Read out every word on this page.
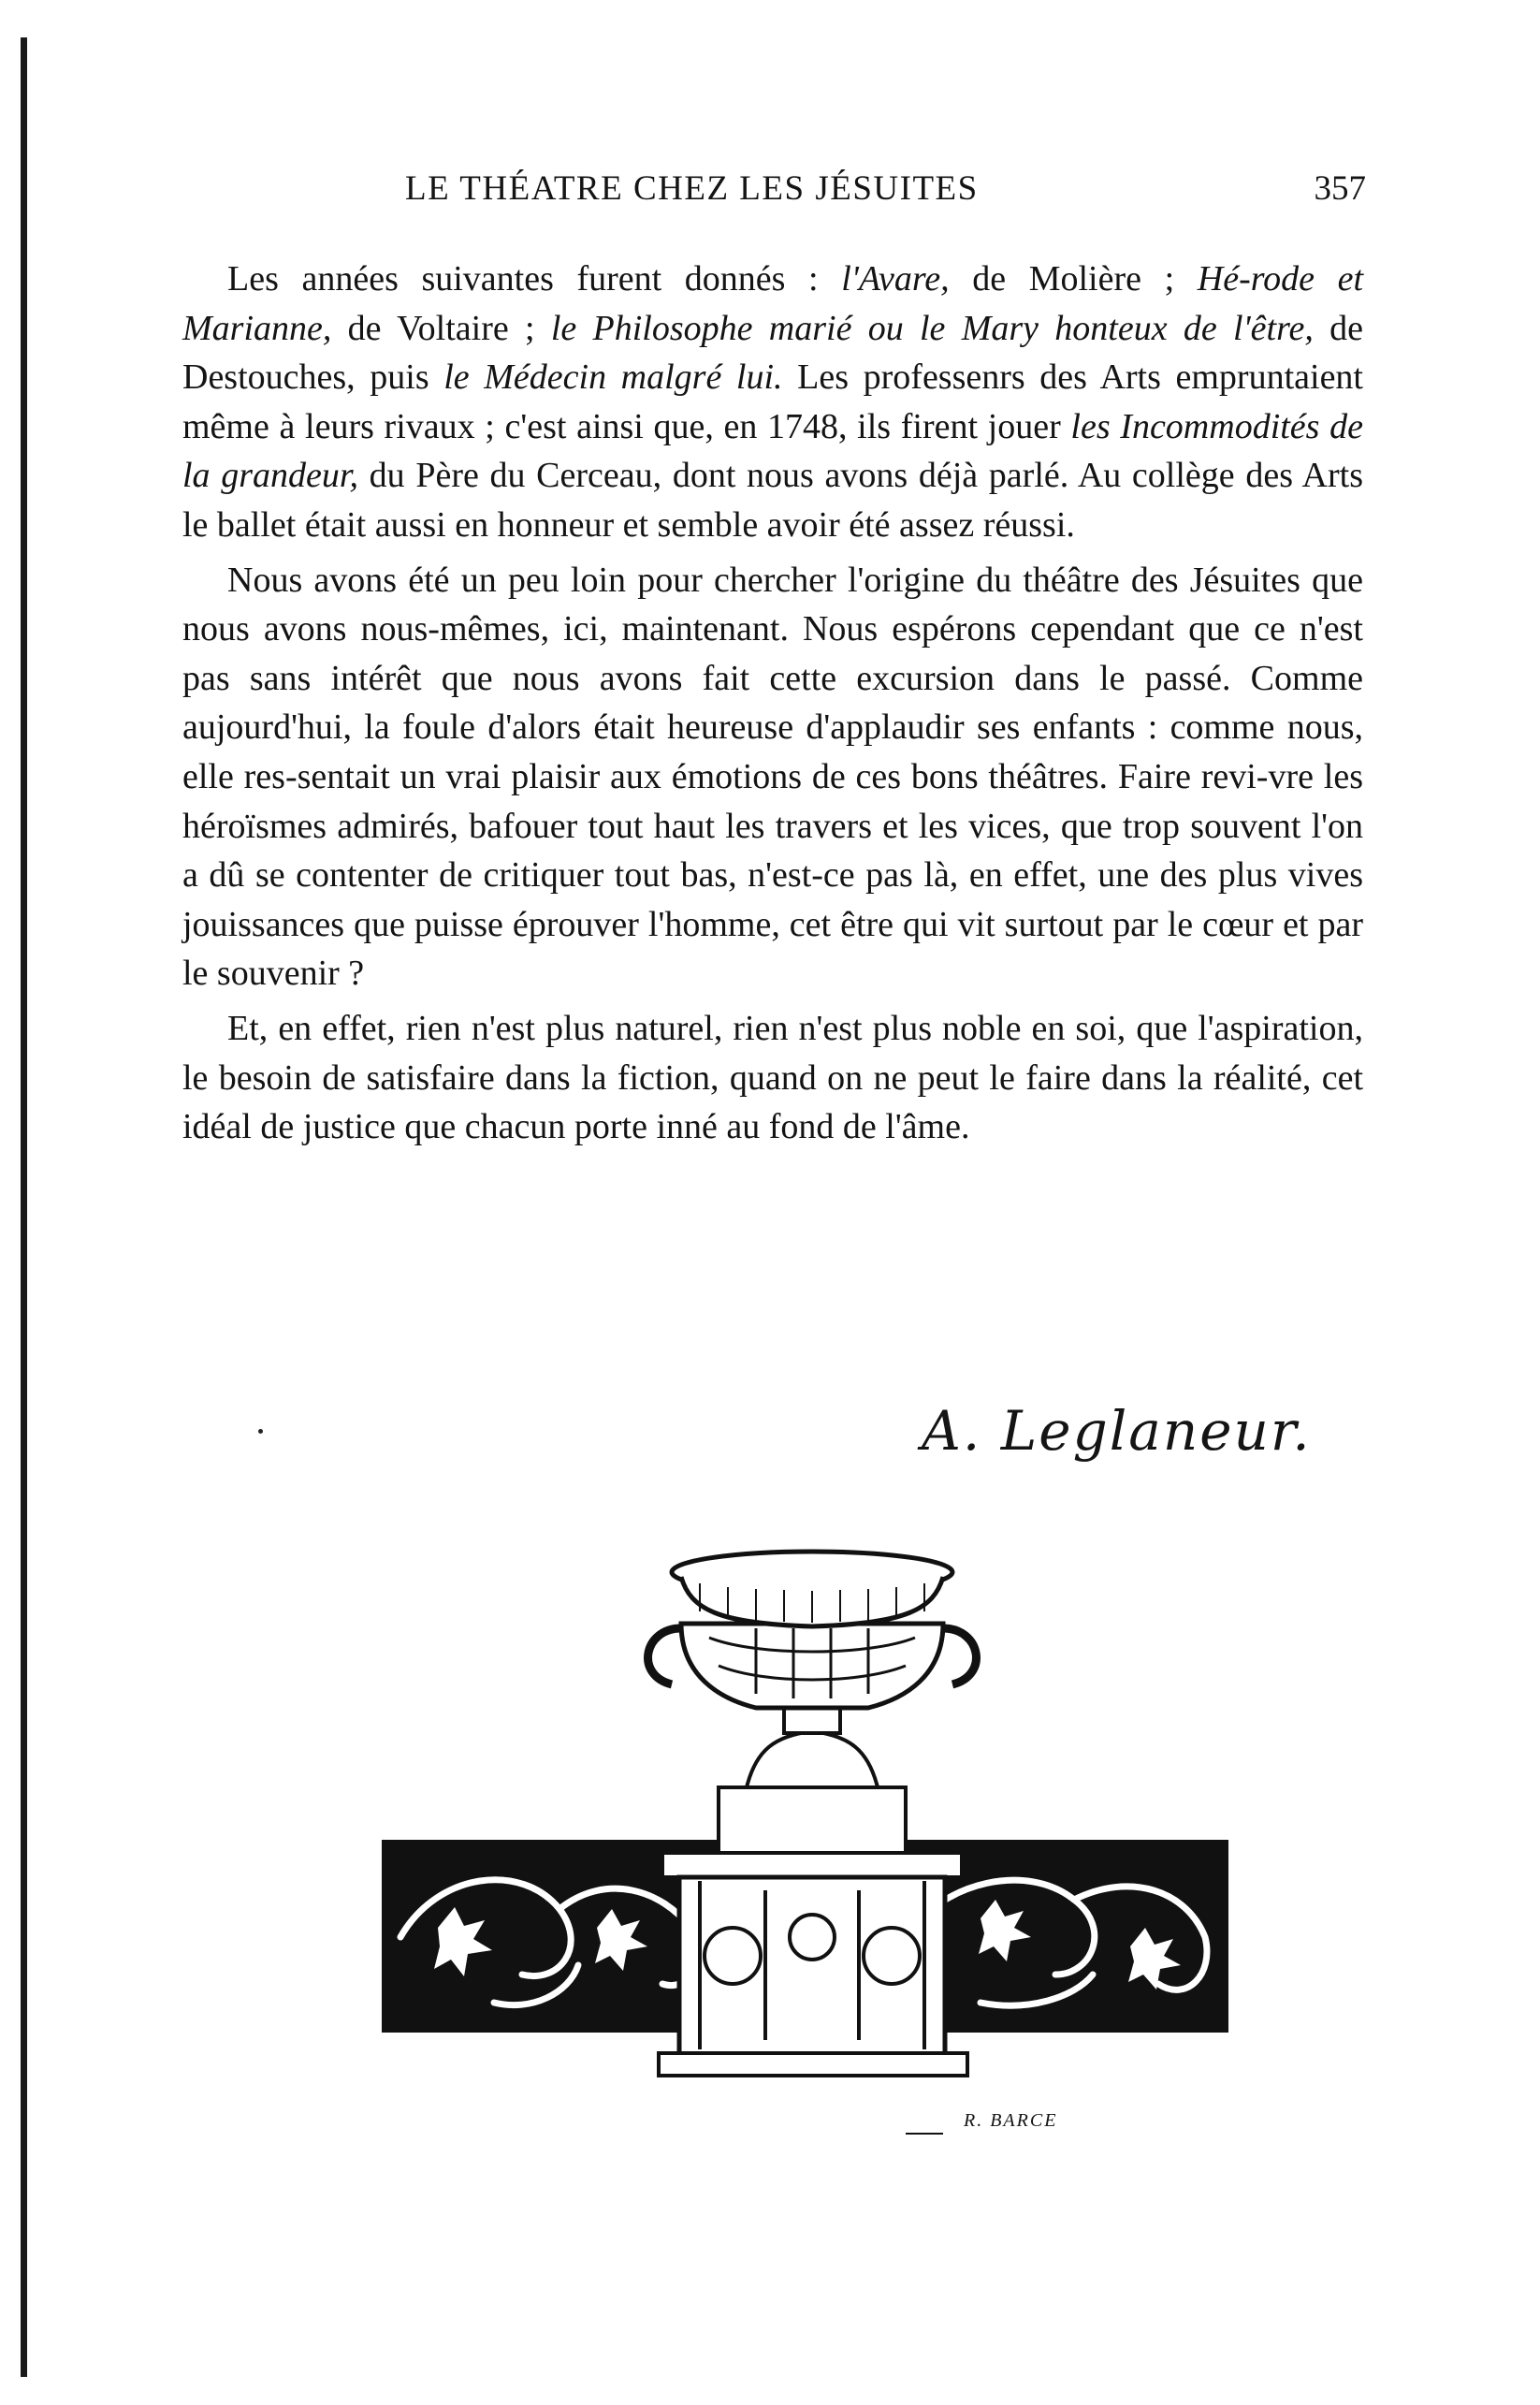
LE THÉATRE CHEZ LES JÉSUITES	357

Les années suivantes furent donnés : l'Avare, de Molière ; Hé-rode et Marianne, de Voltaire ; le Philosophe marié ou le Mary honteux de l'être, de Destouches, puis le Médecin malgré lui. Les professenrs des Arts empruntaient même à leurs rivaux ; c'est ainsi que, en 1748, ils firent jouer les Incommodités de la grandeur, du Père du Cerceau, dont nous avons déjà parlé. Au collège des Arts le ballet était aussi en honneur et semble avoir été assez réussi.

Nous avons été un peu loin pour chercher l'origine du théâtre des Jésuites que nous avons nous-mêmes, ici, maintenant. Nous espérons cependant que ce n'est pas sans intérêt que nous avons fait cette excursion dans le passé. Comme aujourd'hui, la foule d'alors était heureuse d'applaudir ses enfants : comme nous, elle res-sentait un vrai plaisir aux émotions de ces bons théâtres. Faire revi-vre les héroïsmes admirés, bafouer tout haut les travers et les vices, que trop souvent l'on a dû se contenter de critiquer tout bas, n'est-ce pas là, en effet, une des plus vives jouissances que puisse éprouver l'homme, cet être qui vit surtout par le cœur et par le souvenir ?

Et, en effet, rien n'est plus naturel, rien n'est plus noble en soi, que l'aspiration, le besoin de satisfaire dans la fiction, quand on ne peut le faire dans la réalité, cet idéal de justice que chacun porte inné au fond de l'âme.

A. Leglaneur.
R. BARCE
